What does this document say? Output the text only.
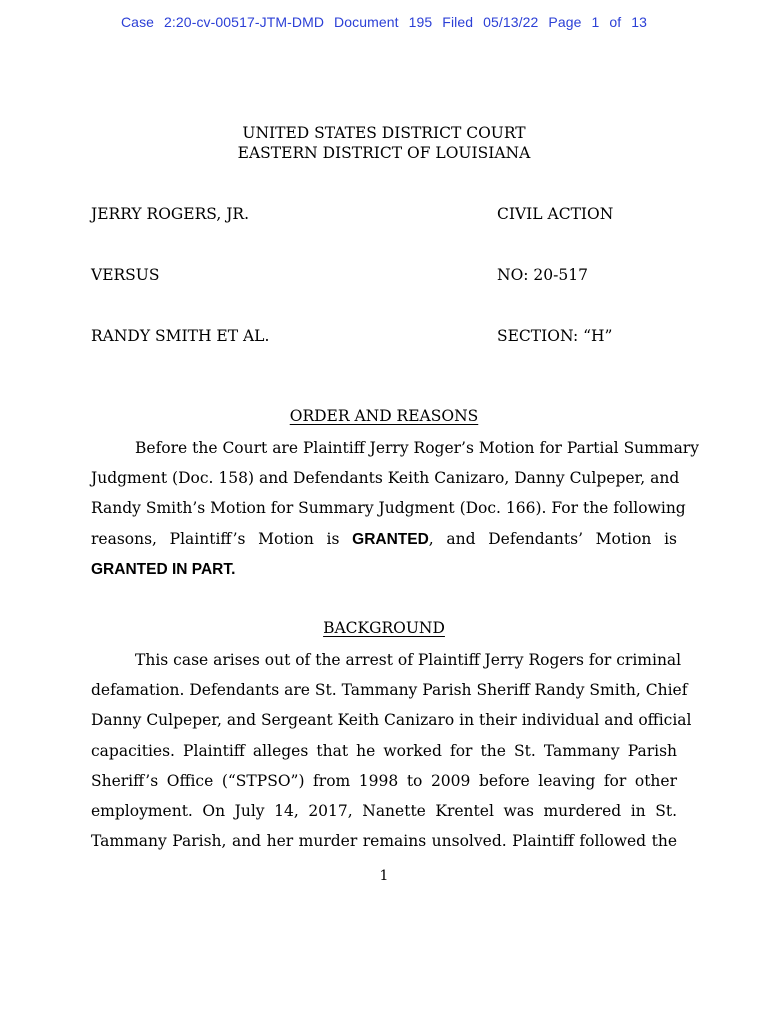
Case 2:20-cv-00517-JTM-DMD Document 195 Filed 05/13/22 Page 1 of 13
UNITED STATES DISTRICT COURT
EASTERN DISTRICT OF LOUISIANA
JERRY ROGERS, JR.
VERSUS
RANDY SMITH ET AL.
CIVIL ACTION
NO: 20-517
SECTION: “H”
ORDER AND REASONS
Before the Court are Plaintiff Jerry Roger’s Motion for Partial Summary
Judgment (Doc. 158) and Defendants Keith Canizaro, Danny Culpeper, and
Randy Smith’s Motion for Summary Judgment (Doc. 166). For the following
reasons, Plaintiff’s Motion is GRANTED, and Defendants’ Motion is
GRANTED IN PART.
BACKGROUND
This case arises out of the arrest of Plaintiff Jerry Rogers for criminal
defamation. Defendants are St. Tammany Parish Sheriff Randy Smith, Chief
Danny Culpeper, and Sergeant Keith Canizaro in their individual and official
capacities. Plaintiff alleges that he worked for the St. Tammany Parish
Sheriff’s Office (“STPSO”) from 1998 to 2009 before leaving for other
employment. On July 14, 2017, Nanette Krentel was murdered in St.
Tammany Parish, and her murder remains unsolved. Plaintiff followed the
1
